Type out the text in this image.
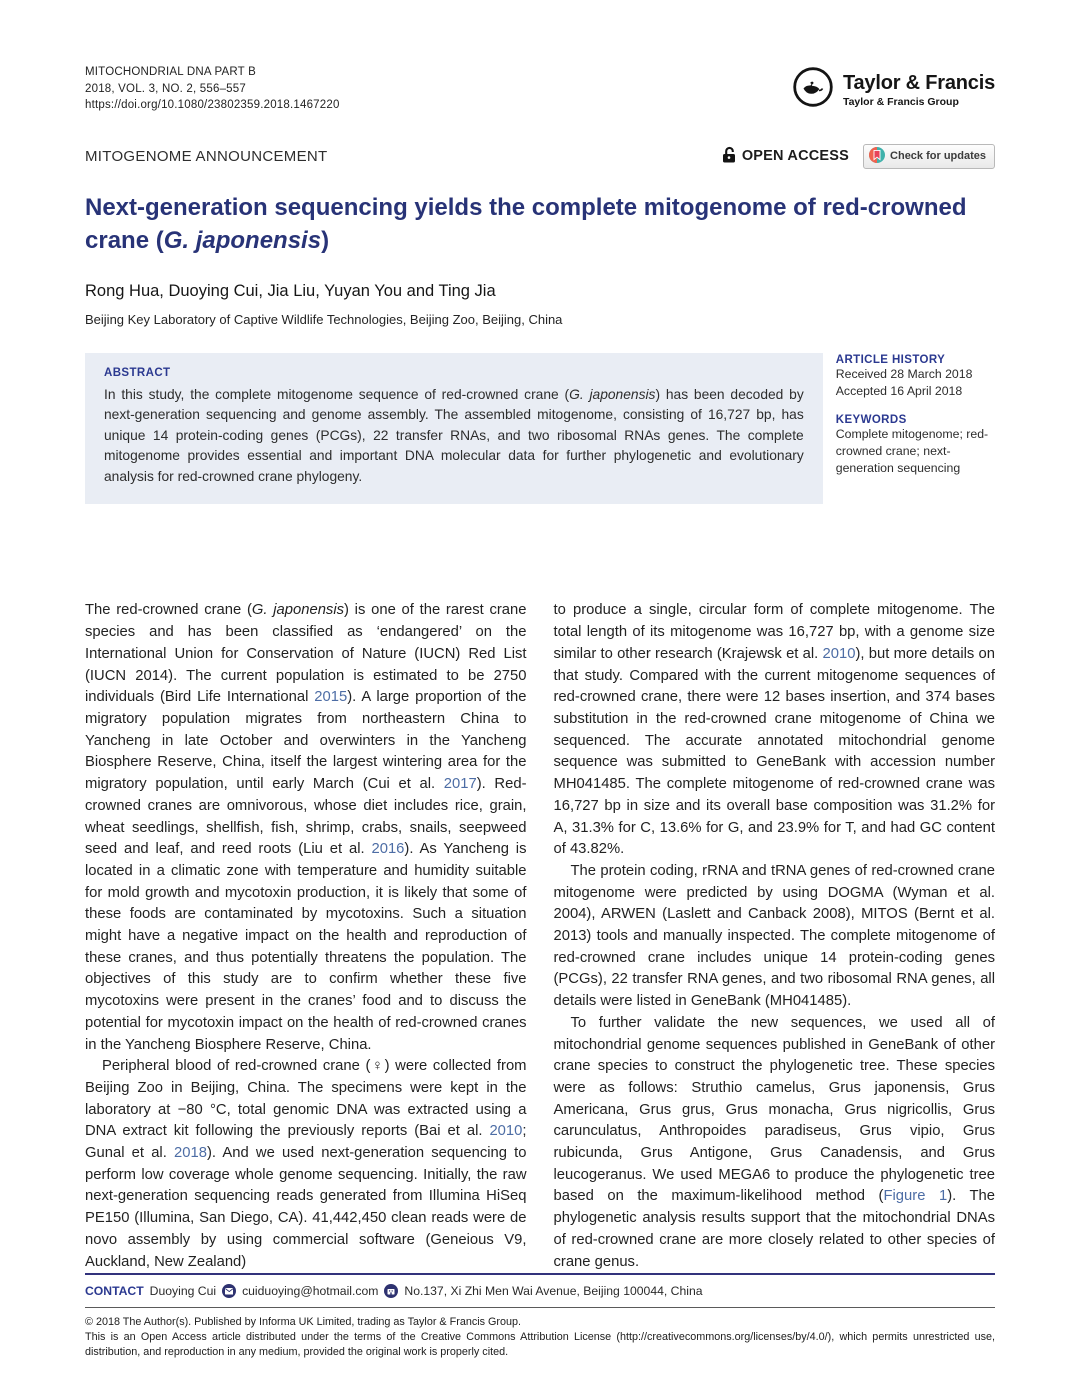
MITOCHONDRIAL DNA PART B
2018, VOL. 3, NO. 2, 556–557
https://doi.org/10.1080/23802359.2018.1467220
Taylor & Francis
Taylor & Francis Group
MITOGENOME ANNOUNCEMENT	OPEN ACCESS	Check for updates
Next-generation sequencing yields the complete mitogenome of red-crowned crane (G. japonensis)
Rong Hua, Duoying Cui, Jia Liu, Yuyan You and Ting Jia
Beijing Key Laboratory of Captive Wildlife Technologies, Beijing Zoo, Beijing, China
ABSTRACT
In this study, the complete mitogenome sequence of red-crowned crane (G. japonensis) has been decoded by next-generation sequencing and genome assembly. The assembled mitogenome, consisting of 16,727 bp, has unique 14 protein-coding genes (PCGs), 22 transfer RNAs, and two ribosomal RNAs genes. The complete mitogenome provides essential and important DNA molecular data for further phylogenetic and evolutionary analysis for red-crowned crane phylogeny.
ARTICLE HISTORY
Received 28 March 2018
Accepted 16 April 2018
KEYWORDS
Complete mitogenome; red-crowned crane; next-generation sequencing

The red-crowned crane (G. japonensis) is one of the rarest crane species and has been classified as ‘endangered’ on the International Union for Conservation of Nature (IUCN) Red List (IUCN 2014). The current population is estimated to be 2750 individuals (Bird Life International 2015). A large proportion of the migratory population migrates from northeastern China to Yancheng in late October and overwinters in the Yancheng Biosphere Reserve, China, itself the largest wintering area for the migratory population, until early March (Cui et al. 2017). Red-crowned cranes are omnivorous, whose diet includes rice, grain, wheat seedlings, shellfish, fish, shrimp, crabs, snails, seepweed seed and leaf, and reed roots (Liu et al. 2016). As Yancheng is located in a climatic zone with temperature and humidity suitable for mold growth and mycotoxin production, it is likely that some of these foods are contaminated by mycotoxins. Such a situation might have a negative impact on the health and reproduction of these cranes, and thus potentially threatens the population. The objectives of this study are to confirm whether these five mycotoxins were present in the cranes’ food and to discuss the potential for mycotoxin impact on the health of red-crowned cranes in the Yancheng Biosphere Reserve, China.

Peripheral blood of red-crowned crane (♀) were collected from Beijing Zoo in Beijing, China. The specimens were kept in the laboratory at −80 °C, total genomic DNA was extracted using a DNA extract kit following the previously reports (Bai et al. 2010; Gunal et al. 2018). And we used next-generation sequencing to perform low coverage whole genome sequencing. Initially, the raw next-generation sequencing reads generated from Illumina HiSeq PE150 (Illumina, San Diego, CA). 41,442,450 clean reads were de novo assembly by using commercial software (Geneious V9, Auckland, New Zealand)

to produce a single, circular form of complete mitogenome. The total length of its mitogenome was 16,727 bp, with a genome size similar to other research (Krajewsk et al. 2010), but more details on that study. Compared with the current mitogenome sequences of red-crowned crane, there were 12 bases insertion, and 374 bases substitution in the red-crowned crane mitogenome of China we sequenced. The accurate annotated mitochondrial genome sequence was submitted to GeneBank with accession number MH041485. The complete mitogenome of red-crowned crane was 16,727 bp in size and its overall base composition was 31.2% for A, 31.3% for C, 13.6% for G, and 23.9% for T, and had GC content of 43.82%.

The protein coding, rRNA and tRNA genes of red-crowned crane mitogenome were predicted by using DOGMA (Wyman et al. 2004), ARWEN (Laslett and Canback 2008), MITOS (Bernt et al. 2013) tools and manually inspected. The complete mitogenome of red-crowned crane includes unique 14 protein-coding genes (PCGs), 22 transfer RNA genes, and two ribosomal RNA genes, all details were listed in GeneBank (MH041485).

To further validate the new sequences, we used all of mitochondrial genome sequences published in GeneBank of other crane species to construct the phylogenetic tree. These species were as follows: Struthio camelus, Grus japonensis, Grus Americana, Grus grus, Grus monacha, Grus nigricollis, Grus carunculatus, Anthropoides paradiseus, Grus vipio, Grus rubicunda, Grus Antigone, Grus Canadensis, and Grus leucogeranus. We used MEGA6 to produce the phylogenetic tree based on the maximum-likelihood method (Figure 1). The phylogenetic analysis results support that the mitochondrial DNAs of red-crowned crane are more closely related to other species of crane genus.

CONTACT Duoying Cui cuiduoying@hotmail.com No.137, Xi Zhi Men Wai Avenue, Beijing 100044, China
© 2018 The Author(s). Published by Informa UK Limited, trading as Taylor & Francis Group.
This is an Open Access article distributed under the terms of the Creative Commons Attribution License (http://creativecommons.org/licenses/by/4.0/), which permits unrestricted use, distribution, and reproduction in any medium, provided the original work is properly cited.
